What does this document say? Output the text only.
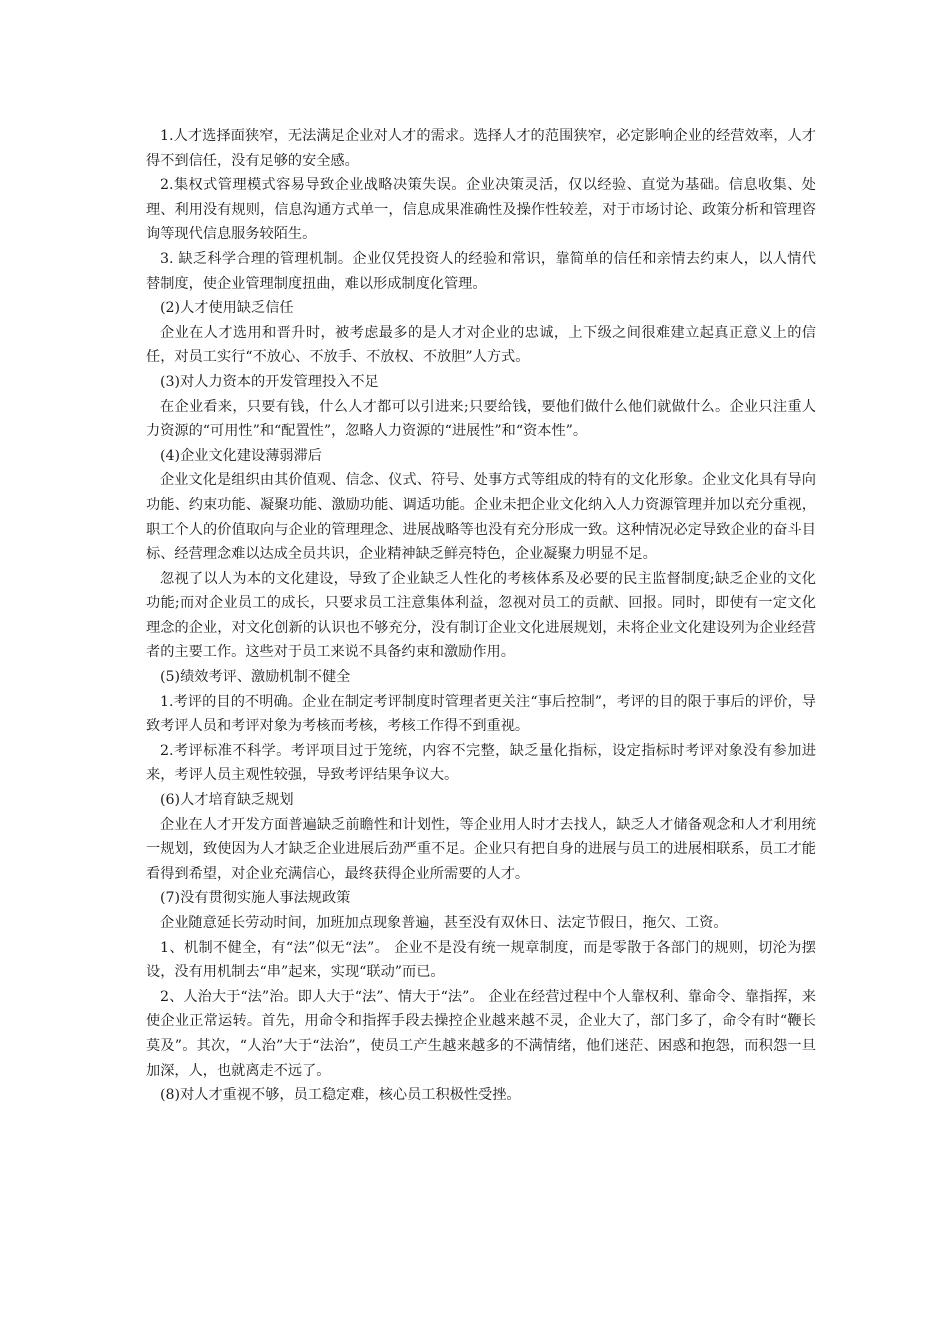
1.人才选择面狭窄，无法满足企业对人才的需求。选择人才的范围狭窄，必定影响企业的经营效率，人才得不到信任，没有足够的安全感。

2.集权式管理模式容易导致企业战略决策失误。企业决策灵活，仅以经验、直觉为基础。信息收集、处理、利用没有规则，信息沟通方式单一，信息成果准确性及操作性较差，对于市场讨论、政策分析和管理咨询等现代信息服务较陌生。

3. 缺乏科学合理的管理机制。企业仅凭投资人的经验和常识，靠简单的信任和亲情去约束人，以人情代替制度，使企业管理制度扭曲，难以形成制度化管理。

(2)人才使用缺乏信任

企业在人才选用和晋升时，被考虑最多的是人才对企业的忠诚，上下级之间很难建立起真正意义上的信任，对员工实行“不放心、不放手、不放权、不放胆”人方式。

(3)对人力资本的开发管理投入不足

在企业看来，只要有钱，什么人才都可以引进来;只要给钱，要他们做什么他们就做什么。企业只注重人力资源的“可用性”和“配置性”，忽略人力资源的“进展性”和“资本性”。

(4)企业文化建设薄弱滞后

企业文化是组织由其价值观、信念、仪式、符号、处事方式等组成的特有的文化形象。企业文化具有导向功能、约束功能、凝聚功能、激励功能、调适功能。企业未把企业文化纳入人力资源管理并加以充分重视，职工个人的价值取向与企业的管理理念、进展战略等也没有充分形成一致。这种情况必定导致企业的奋斗目标、经营理念难以达成全员共识，企业精神缺乏鲜亮特色，企业凝聚力明显不足。

忽视了以人为本的文化建设，导致了企业缺乏人性化的考核体系及必要的民主监督制度;缺乏企业的文化功能;而对企业员工的成长，只要求员工注意集体利益，忽视对员工的贡献、回报。同时，即使有一定文化理念的企业，对文化创新的认识也不够充分，没有制订企业文化进展规划，未将企业文化建设列为企业经营者的主要工作。这些对于员工来说不具备约束和激励作用。

(5)绩效考评、激励机制不健全

1.考评的目的不明确。企业在制定考评制度时管理者更关注“事后控制”，考评的目的限于事后的评价，导致考评人员和考评对象为考核而考核，考核工作得不到重视。

2.考评标准不科学。考评项目过于笼统，内容不完整，缺乏量化指标，设定指标时考评对象没有参加进来，考评人员主观性较强，导致考评结果争议大。

(6)人才培育缺乏规划

企业在人才开发方面普遍缺乏前瞻性和计划性，等企业用人时才去找人，缺乏人才储备观念和人才利用统一规划，致使因为人才缺乏企业进展后劲严重不足。企业只有把自身的进展与员工的进展相联系，员工才能看得到希望，对企业充满信心，最终获得企业所需要的人才。

(7)没有贯彻实施人事法规政策

企业随意延长劳动时间，加班加点现象普遍，甚至没有双休日、法定节假日，拖欠、工资。

1、机制不健全，有“法”似无“法”。 企业不是没有统一规章制度，而是零散于各部门的规则，切沦为摆设，没有用机制去“串”起来，实现“联动”而已。

2、人治大于“法”治。即人大于“法”、情大于“法”。 企业在经营过程中个人靠权利、靠命令、靠指挥，来使企业正常运转。首先，用命令和指挥手段去操控企业越来越不灵，企业大了，部门多了，命令有时“鞭长莫及”。其次，“人治”大于“法治”，使员工产生越来越多的不满情绪，他们迷茫、困惑和抱怨，而积怨一旦加深，人，也就离走不远了。

(8)对人才重视不够，员工稳定难，核心员工积极性受挫。
